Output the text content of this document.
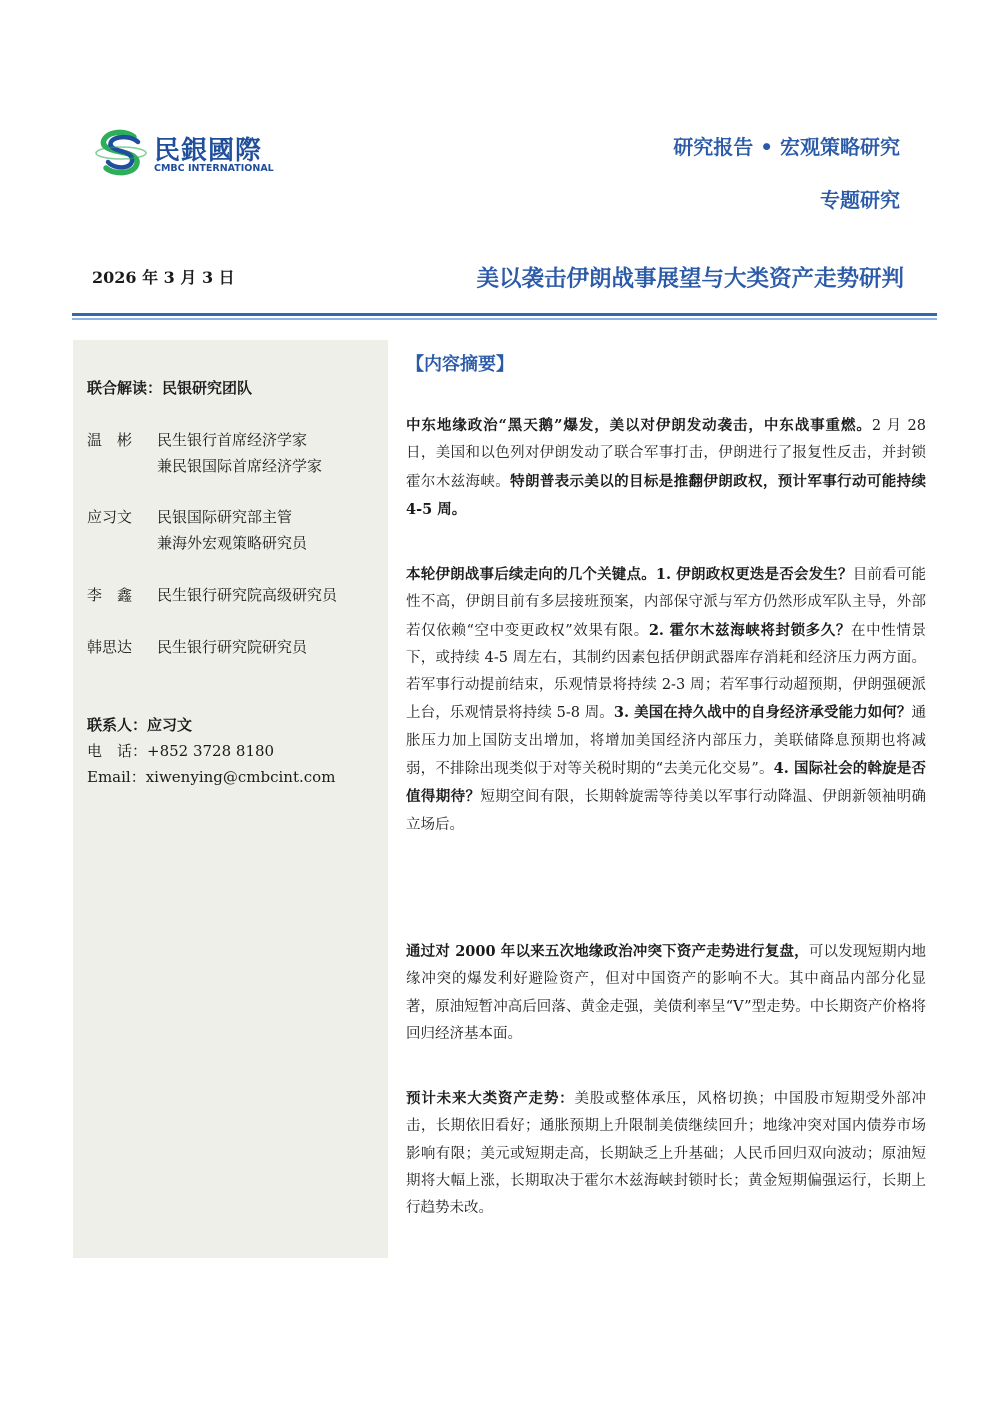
民銀國際
CMBC INTERNATIONAL
研究报告 • 宏观策略研究
专题研究
2026 年 3 月 3 日	美以袭击伊朗战事展望与大类资产走势研判
联合解读：民银研究团队
温　彬 民生银行首席经济学家
兼民银国际首席经济学家
应习文 民银国际研究部主管
兼海外宏观策略研究员
李　鑫 民生银行研究院高级研究员
韩思达 民生银行研究院研究员
联系人：应习文
电　话：+852 3728 8180
Email：xiwenying@cmbcint.com
【内容摘要】
中东地缘政治“黑天鹅”爆发，美以对伊朗发动袭击，中东战事重燃。2 月 28 日，美国和以色列对伊朗发动了联合军事打击，伊朗进行了报复性反击，并封锁霍尔木兹海峡。特朗普表示美以的目标是推翻伊朗政权，预计军事行动可能持续 4-5 周。
本轮伊朗战事后续走向的几个关键点。1. 伊朗政权更迭是否会发生？目前看可能性不高，伊朗目前有多层接班预案，内部保守派与军方仍然形成军队主导，外部若仅依赖“空中变更政权”效果有限。2. 霍尔木兹海峡将封锁多久？在中性情景下，或持续 4-5 周左右，其制约因素包括伊朗武器库存消耗和经济压力两方面。若军事行动提前结束，乐观情景将持续 2-3 周；若军事行动超预期，伊朗强硬派上台，乐观情景将持续 5-8 周。3. 美国在持久战中的自身经济承受能力如何？通胀压力加上国防支出增加，将增加美国经济内部压力，美联储降息预期也将减弱，不排除出现类似于对等关税时期的“去美元化交易”。4. 国际社会的斡旋是否值得期待？短期空间有限，长期斡旋需等待美以军事行动降温、伊朗新领袖明确立场后。
通过对 2000 年以来五次地缘政治冲突下资产走势进行复盘，可以发现短期内地缘冲突的爆发利好避险资产，但对中国资产的影响不大。其中商品内部分化显著，原油短暂冲高后回落、黄金走强，美债利率呈“V”型走势。中长期资产价格将回归经济基本面。
预计未来大类资产走势：美股或整体承压，风格切换；中国股市短期受外部冲击，长期依旧看好；通胀预期上升限制美债继续回升；地缘冲突对国内债券市场影响有限；美元或短期走高，长期缺乏上升基础；人民币回归双向波动；原油短期将大幅上涨，长期取决于霍尔木兹海峡封锁时长；黄金短期偏强运行，长期上行趋势未改。
